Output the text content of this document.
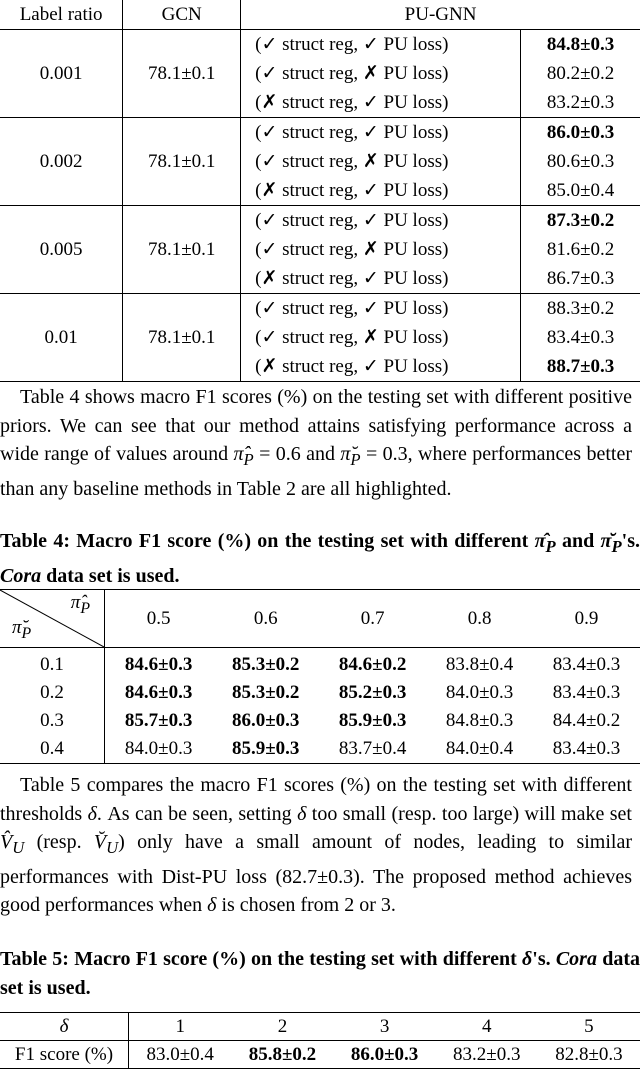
Label ratio	GCN	PU-GNN	
0.001	78.1±0.1	(✓ struct reg, ✓ PU loss)	84.8±0.3
		(✓ struct reg, ✗ PU loss)	80.2±0.2
		(✗ struct reg, ✓ PU loss)	83.2±0.3
0.002	78.1±0.1	(✓ struct reg, ✓ PU loss)	86.0±0.3
		(✓ struct reg, ✗ PU loss)	80.6±0.3
		(✗ struct reg, ✓ PU loss)	85.0±0.4
0.005	78.1±0.1	(✓ struct reg, ✓ PU loss)	87.3±0.2
		(✓ struct reg, ✗ PU loss)	81.6±0.2
		(✗ struct reg, ✓ PU loss)	86.7±0.3
0.01	78.1±0.1	(✓ struct reg, ✓ PU loss)	88.3±0.2
		(✓ struct reg, ✗ PU loss)	83.4±0.3
		(✗ struct reg, ✓ PU loss)	88.7±0.3
Table 4 shows macro F1 scores (%) on the testing set with different positive priors. We can see that our method attains satisfying performance across a wide range of values around $\pî_P = 0.6$ and $\pĭ_P = 0.3$, where performances better than any baseline methods in Table 2 are all highlighted.
Table 4: Macro F1 score (%) on the testing set with different $\pî_P$ and $\pĭ_P's$. Cora data set is used.
$\pî_P$
$\pĭ_P$	0.5	0.6	0.7	0.8	0.9
0.1	84.6±0.3	85.3±0.2	84.6±0.2	83.8±0.4	83.4±0.3
0.2	84.6±0.3	85.3±0.2	85.2±0.3	84.0±0.3	83.4±0.3
0.3	85.7±0.3	86.0±0.3	85.9±0.3	84.8±0.3	84.4±0.2
0.4	84.0±0.3	85.9±0.3	83.7±0.4	84.0±0.4	83.4±0.3
Table 5 compares the macro F1 scores (%) on the testing set with different thresholds δ. As can be seen, setting δ too small (resp. too large) will make set $V̂_U$ (resp. $V̆_U$) only have a small amount of nodes, leading to similar performances with Dist-PU loss (82.7±0.3). The proposed method achieves good performances when δ is chosen from 2 or 3.
Table 5: Macro F1 score (%) on the testing set with different δ's. Cora data set is used.
δ	1	2	3	4	5
F1 score (%)	83.0±0.4	85.8±0.2	86.0±0.3	83.2±0.3	82.8±0.3
